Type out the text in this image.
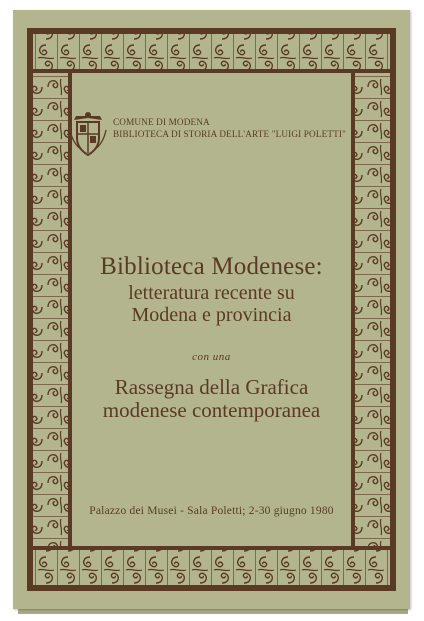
COMUNE DI MODENA
BIBLIOTECA DI STORIA DELL'ARTE "LUIGI POLETTI"
Biblioteca Modenese:
letteratura recente su
Modena e provincia
con una
Rassegna della Grafica
modenese contemporanea
Palazzo dei Musei - Sala Poletti; 2-30 giugno 1980
